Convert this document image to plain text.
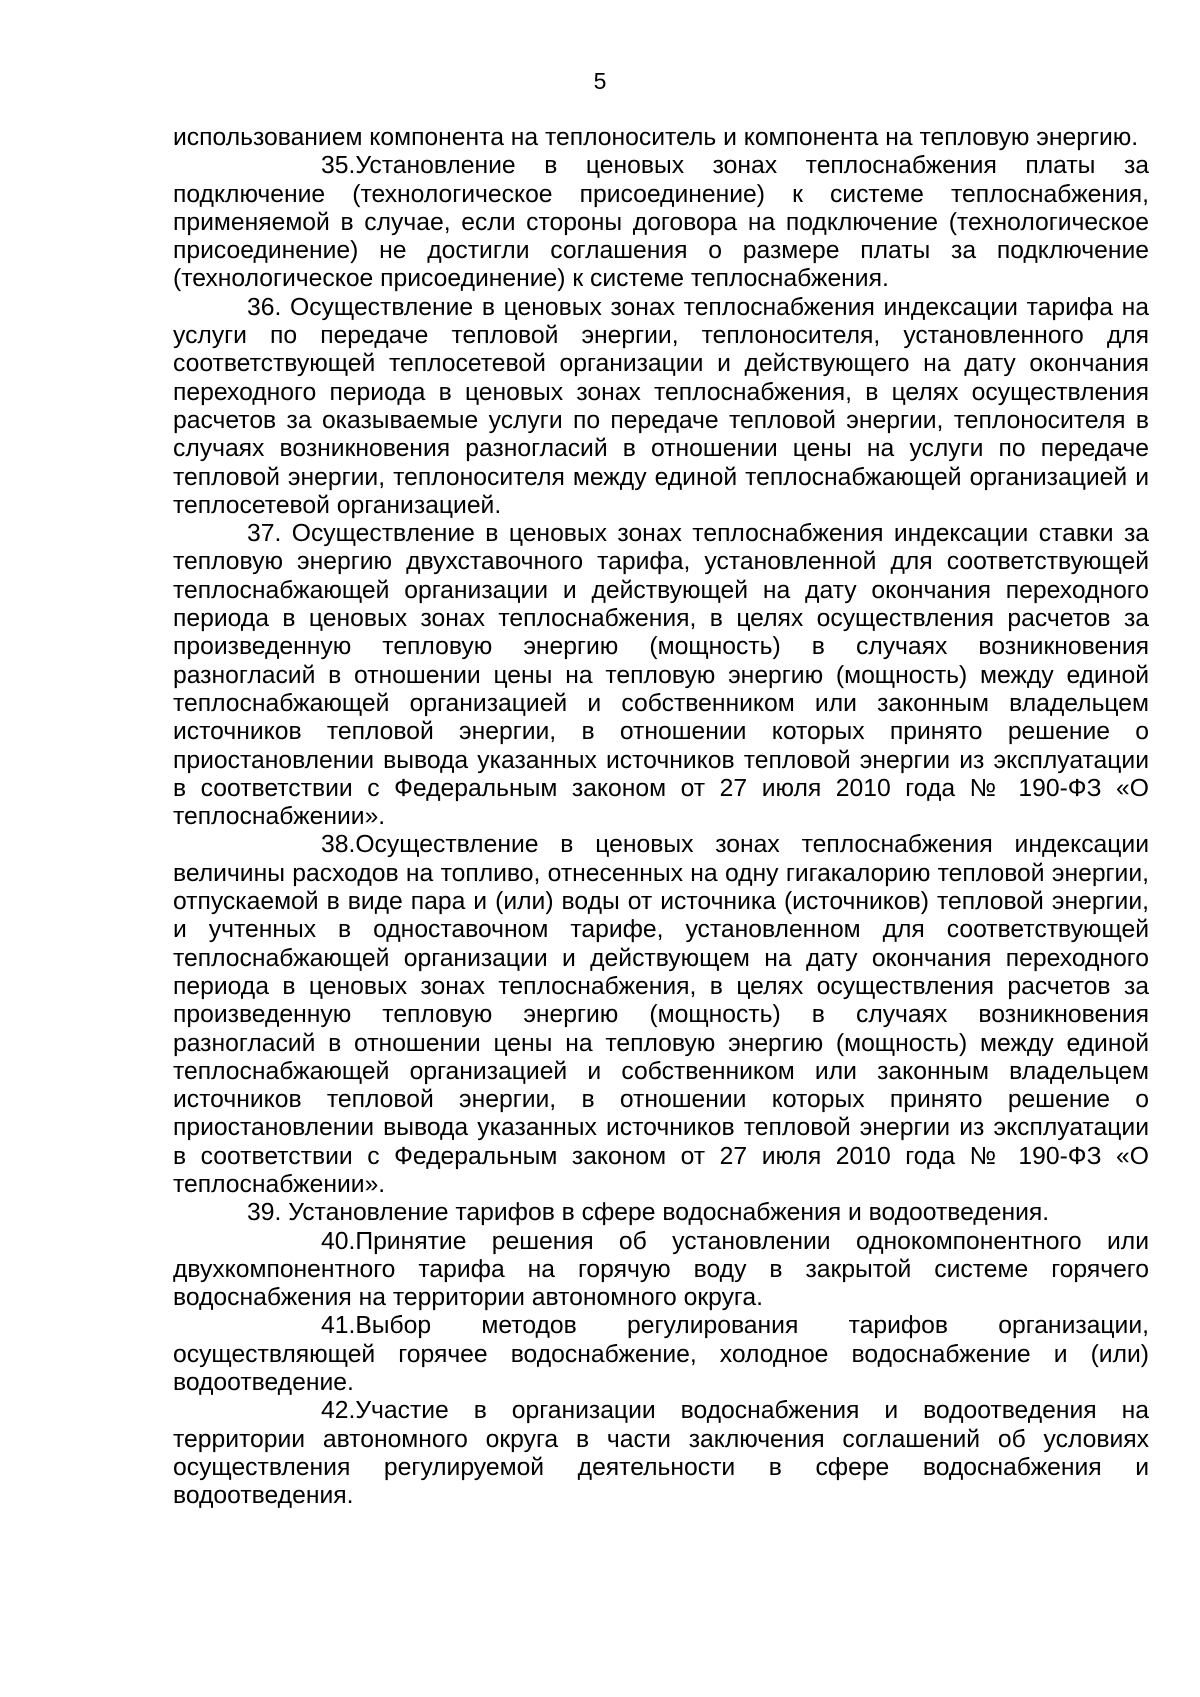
5

использованием компонента на теплоноситель и компонента на тепловую энергию.

35.Установление в ценовых зонах теплоснабжения платы за подключение (технологическое присоединение) к системе теплоснабжения, применяемой в случае, если стороны договора на подключение (технологическое присоединение) не достигли соглашения о размере платы за подключение (технологическое присоединение) к системе теплоснабжения.

36. Осуществление в ценовых зонах теплоснабжения индексации тарифа на услуги по передаче тепловой энергии, теплоносителя, установленного для соответствующей теплосетевой организации и действующего на дату окончания переходного периода в ценовых зонах теплоснабжения, в целях осуществления расчетов за оказываемые услуги по передаче тепловой энергии, теплоносителя в случаях возникновения разногласий в отношении цены на услуги по передаче тепловой энергии, теплоносителя между единой теплоснабжающей организацией и теплосетевой организацией.

37. Осуществление в ценовых зонах теплоснабжения индексации ставки за тепловую энергию двухставочного тарифа, установленной для соответствующей теплоснабжающей организации и действующей на дату окончания переходного периода в ценовых зонах теплоснабжения, в целях осуществления расчетов за произведенную тепловую энергию (мощность) в случаях возникновения разногласий в отношении цены на тепловую энергию (мощность) между единой теплоснабжающей организацией и собственником или законным владельцем источников тепловой энергии, в отношении которых принято решение о приостановлении вывода указанных источников тепловой энергии из эксплуатации в соответствии с Федеральным законом от 27 июля 2010 года № 190-ФЗ «О теплоснабжении».

38.Осуществление в ценовых зонах теплоснабжения индексации величины расходов на топливо, отнесенных на одну гигакалорию тепловой энергии, отпускаемой в виде пара и (или) воды от источника (источников) тепловой энергии, и учтенных в одноставочном тарифе, установленном для соответствующей теплоснабжающей организации и действующем на дату окончания переходного периода в ценовых зонах теплоснабжения, в целях осуществления расчетов за произведенную тепловую энергию (мощность) в случаях возникновения разногласий в отношении цены на тепловую энергию (мощность) между единой теплоснабжающей организацией и собственником или законным владельцем источников тепловой энергии, в отношении которых принято решение о приостановлении вывода указанных источников тепловой энергии из эксплуатации в соответствии с Федеральным законом от 27 июля 2010 года № 190-ФЗ «О теплоснабжении».

39. Установление тарифов в сфере водоснабжения и водоотведения.

40.Принятие решения об установлении однокомпонентного или двухкомпонентного тарифа на горячую воду в закрытой системе горячего водоснабжения на территории автономного округа.

41.Выбор методов регулирования тарифов организации, осуществляющей горячее водоснабжение, холодное водоснабжение и (или) водоотведение.

42.Участие в организации водоснабжения и водоотведения на территории автономного округа в части заключения соглашений об условиях осуществления регулируемой деятельности в сфере водоснабжения и водоотведения.
